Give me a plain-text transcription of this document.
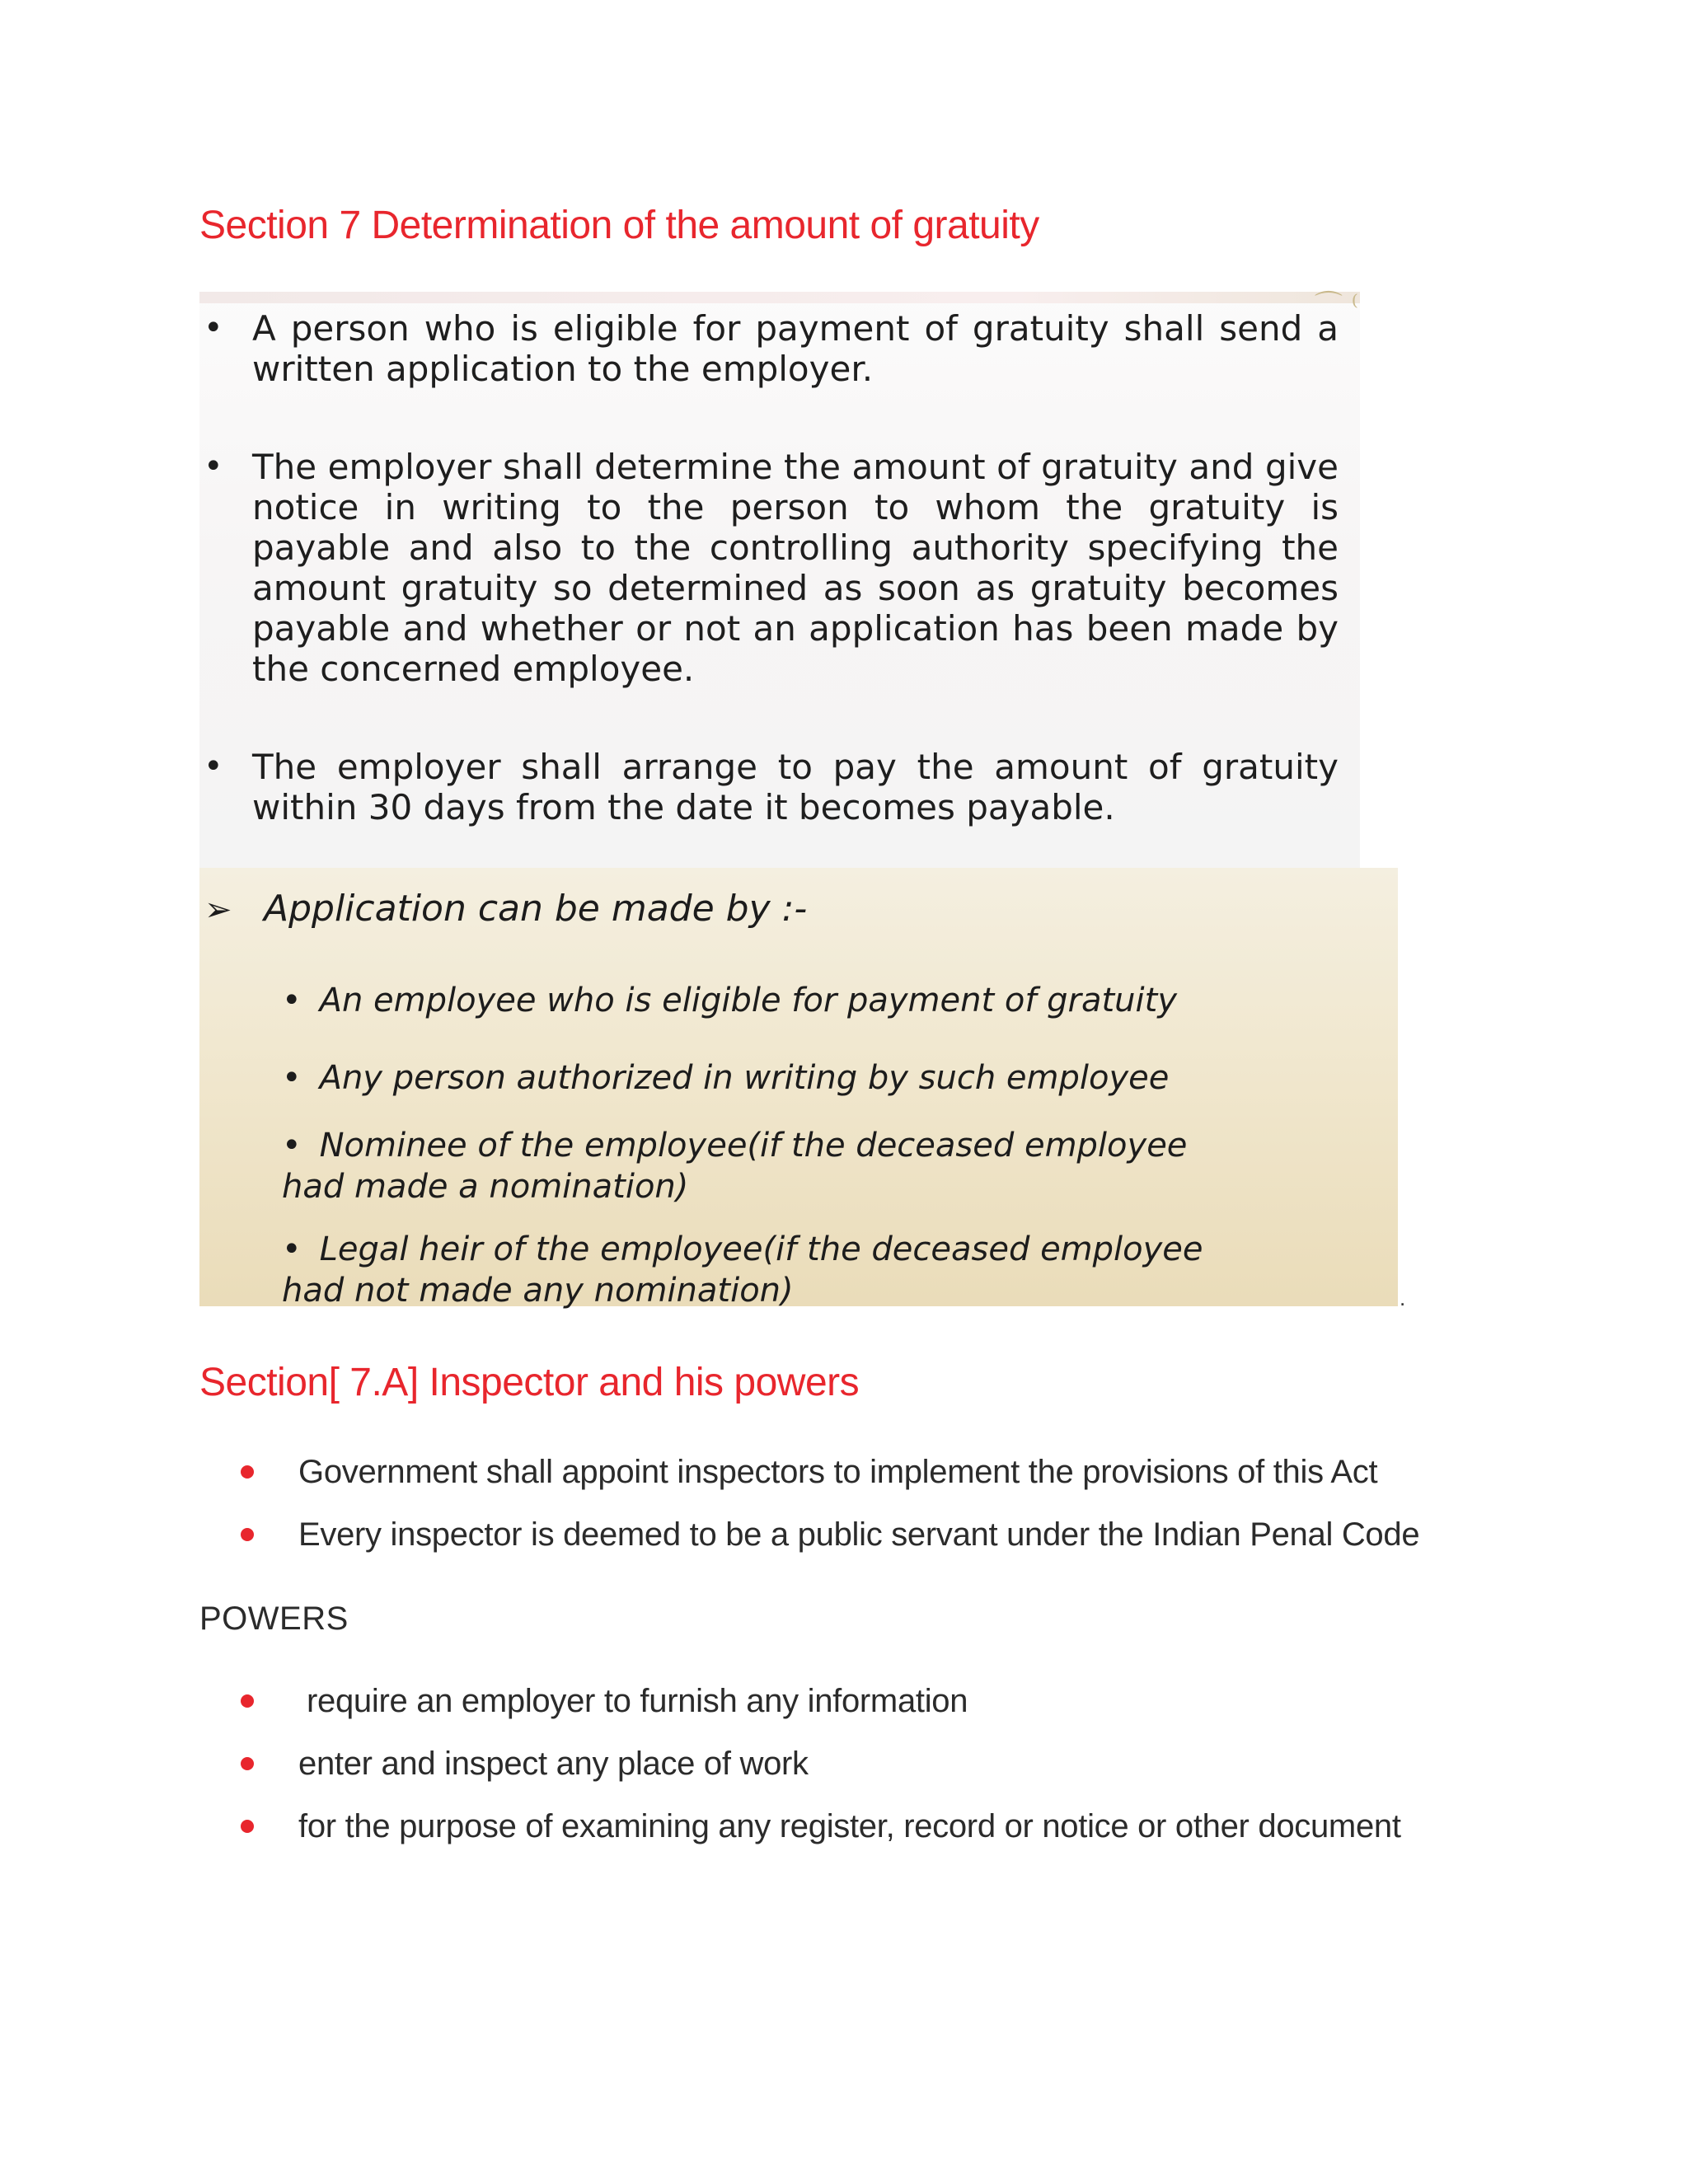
Section 7 Determination of the amount of gratuity
⌒ ⁽
• A person who is eligible for payment of gratuity shall send a written application to the employer.
• The employer shall determine the amount of gratuity and give notice in writing to the person to whom the gratuity is payable and also to the controlling authority specifying the amount gratuity so determined as soon as gratuity becomes payable and whether or not an application has been made by the concerned employee.
• The employer shall arrange to pay the amount of gratuity within 30 days from the date it becomes payable.
➢ Application can be made by :-
• An employee who is eligible for payment of gratuity
• Any person authorized in writing by such employee
• Nominee of the employee(if the deceased employee
had made a nomination)
• Legal heir of the employee(if the deceased employee
had not made any nomination)	.
Section[ 7.A] Inspector and his powers
Government shall appoint inspectors to implement the provisions of this Act
Every inspector is deemed to be a public servant under the Indian Penal Code
POWERS
require an employer to furnish any information
enter and inspect any place of work
for the purpose of examining any register, record or notice or other document
